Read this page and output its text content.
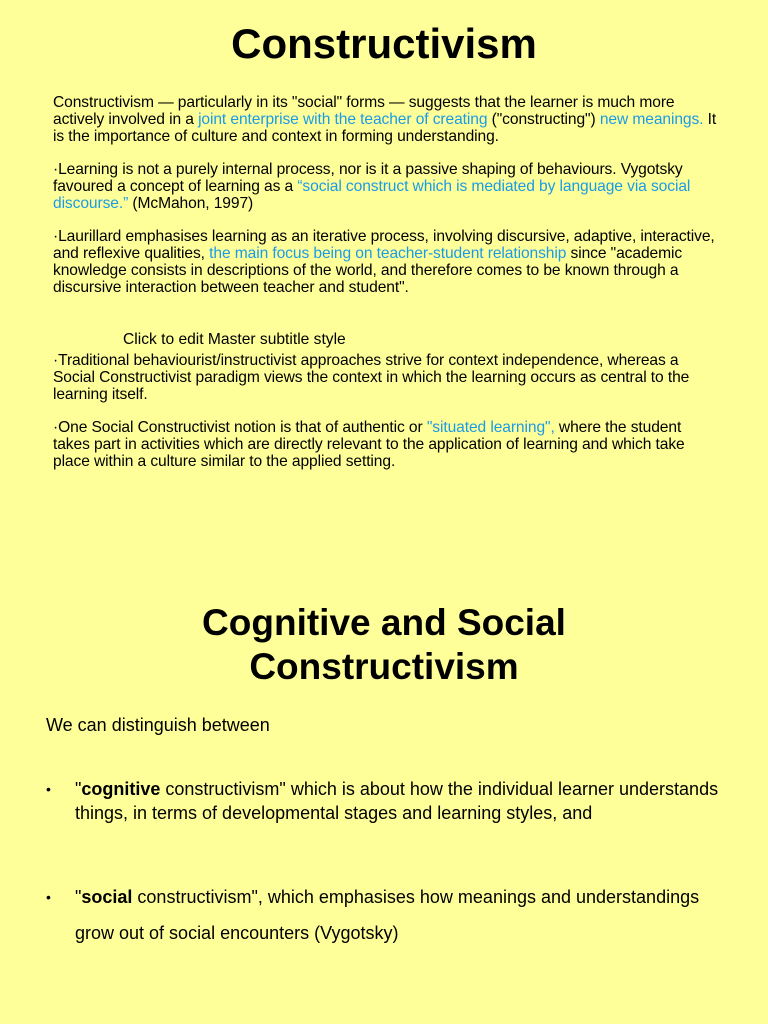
Constructivism

Constructivism — particularly in its "social" forms — suggests that the learner is much more actively involved in a joint enterprise with the teacher of creating ("constructing") new meanings. It is the importance of culture and context in forming understanding.

·Learning is not a purely internal process, nor is it a passive shaping of behaviours. Vygotsky favoured a concept of learning as a “social construct which is mediated by language via social discourse.” (McMahon, 1997)

·Laurillard emphasises learning as an iterative process, involving discursive, adaptive, interactive, and reflexive qualities, the main focus being on teacher-student relationship since "academic knowledge consists in descriptions of the world, and therefore comes to be known through a discursive interaction between teacher and student".

Click to edit Master subtitle style

·Traditional behaviourist/instructivist approaches strive for context independence, whereas a Social Constructivist paradigm views the context in which the learning occurs as central to the learning itself.

·One Social Constructivist notion is that of authentic or "situated learning", where the student takes part in activities which are directly relevant to the application of learning and which take place within a culture similar to the applied setting.

Cognitive and Social
Constructivism

We can distinguish between

• "cognitive constructivism" which is about how the individual learner understands things, in terms of developmental stages and learning styles, and
• "social constructivism", which emphasises how meanings and understandings grow out of social encounters (Vygotsky)
